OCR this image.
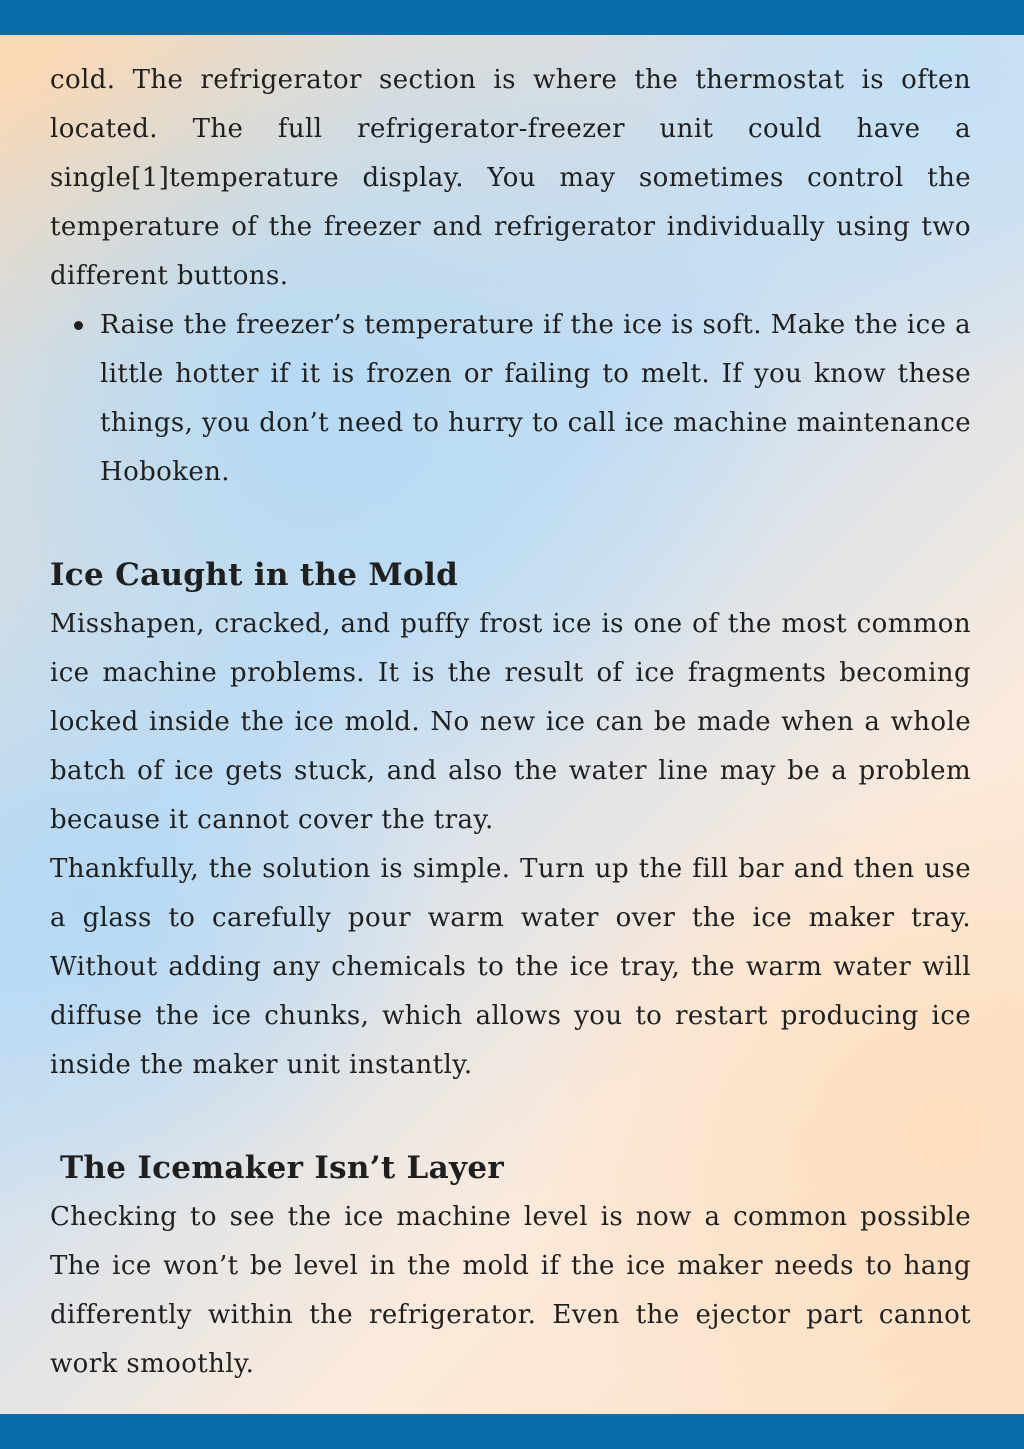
cold. The refrigerator section is where the thermostat is often located. The full refrigerator-freezer unit could have a single[1]temperature display. You may sometimes control the temperature of the freezer and refrigerator individually using two different buttons.

Raise the freezer’s temperature if the ice is soft. Make the ice a little hotter if it is frozen or failing to melt. If you know these things, you don’t need to hurry to call ice machine maintenance Hoboken.
Ice Caught in the Mold

Misshapen, cracked, and puffy frost ice is one of the most common ice machine problems. It is the result of ice fragments becoming locked inside the ice mold. No new ice can be made when a whole batch of ice gets stuck, and also the water line may be a problem because it cannot cover the tray.

Thankfully, the solution is simple. Turn up the fill bar and then use a glass to carefully pour warm water over the ice maker tray. Without adding any chemicals to the ice tray, the warm water will diffuse the ice chunks, which allows you to restart producing ice inside the maker unit instantly.

The Icemaker Isn’t Layer

Checking to see the ice machine level is now a common possible The ice won’t be level in the mold if the ice maker needs to hang differently within the refrigerator. Even the ejector part cannot work smoothly.
